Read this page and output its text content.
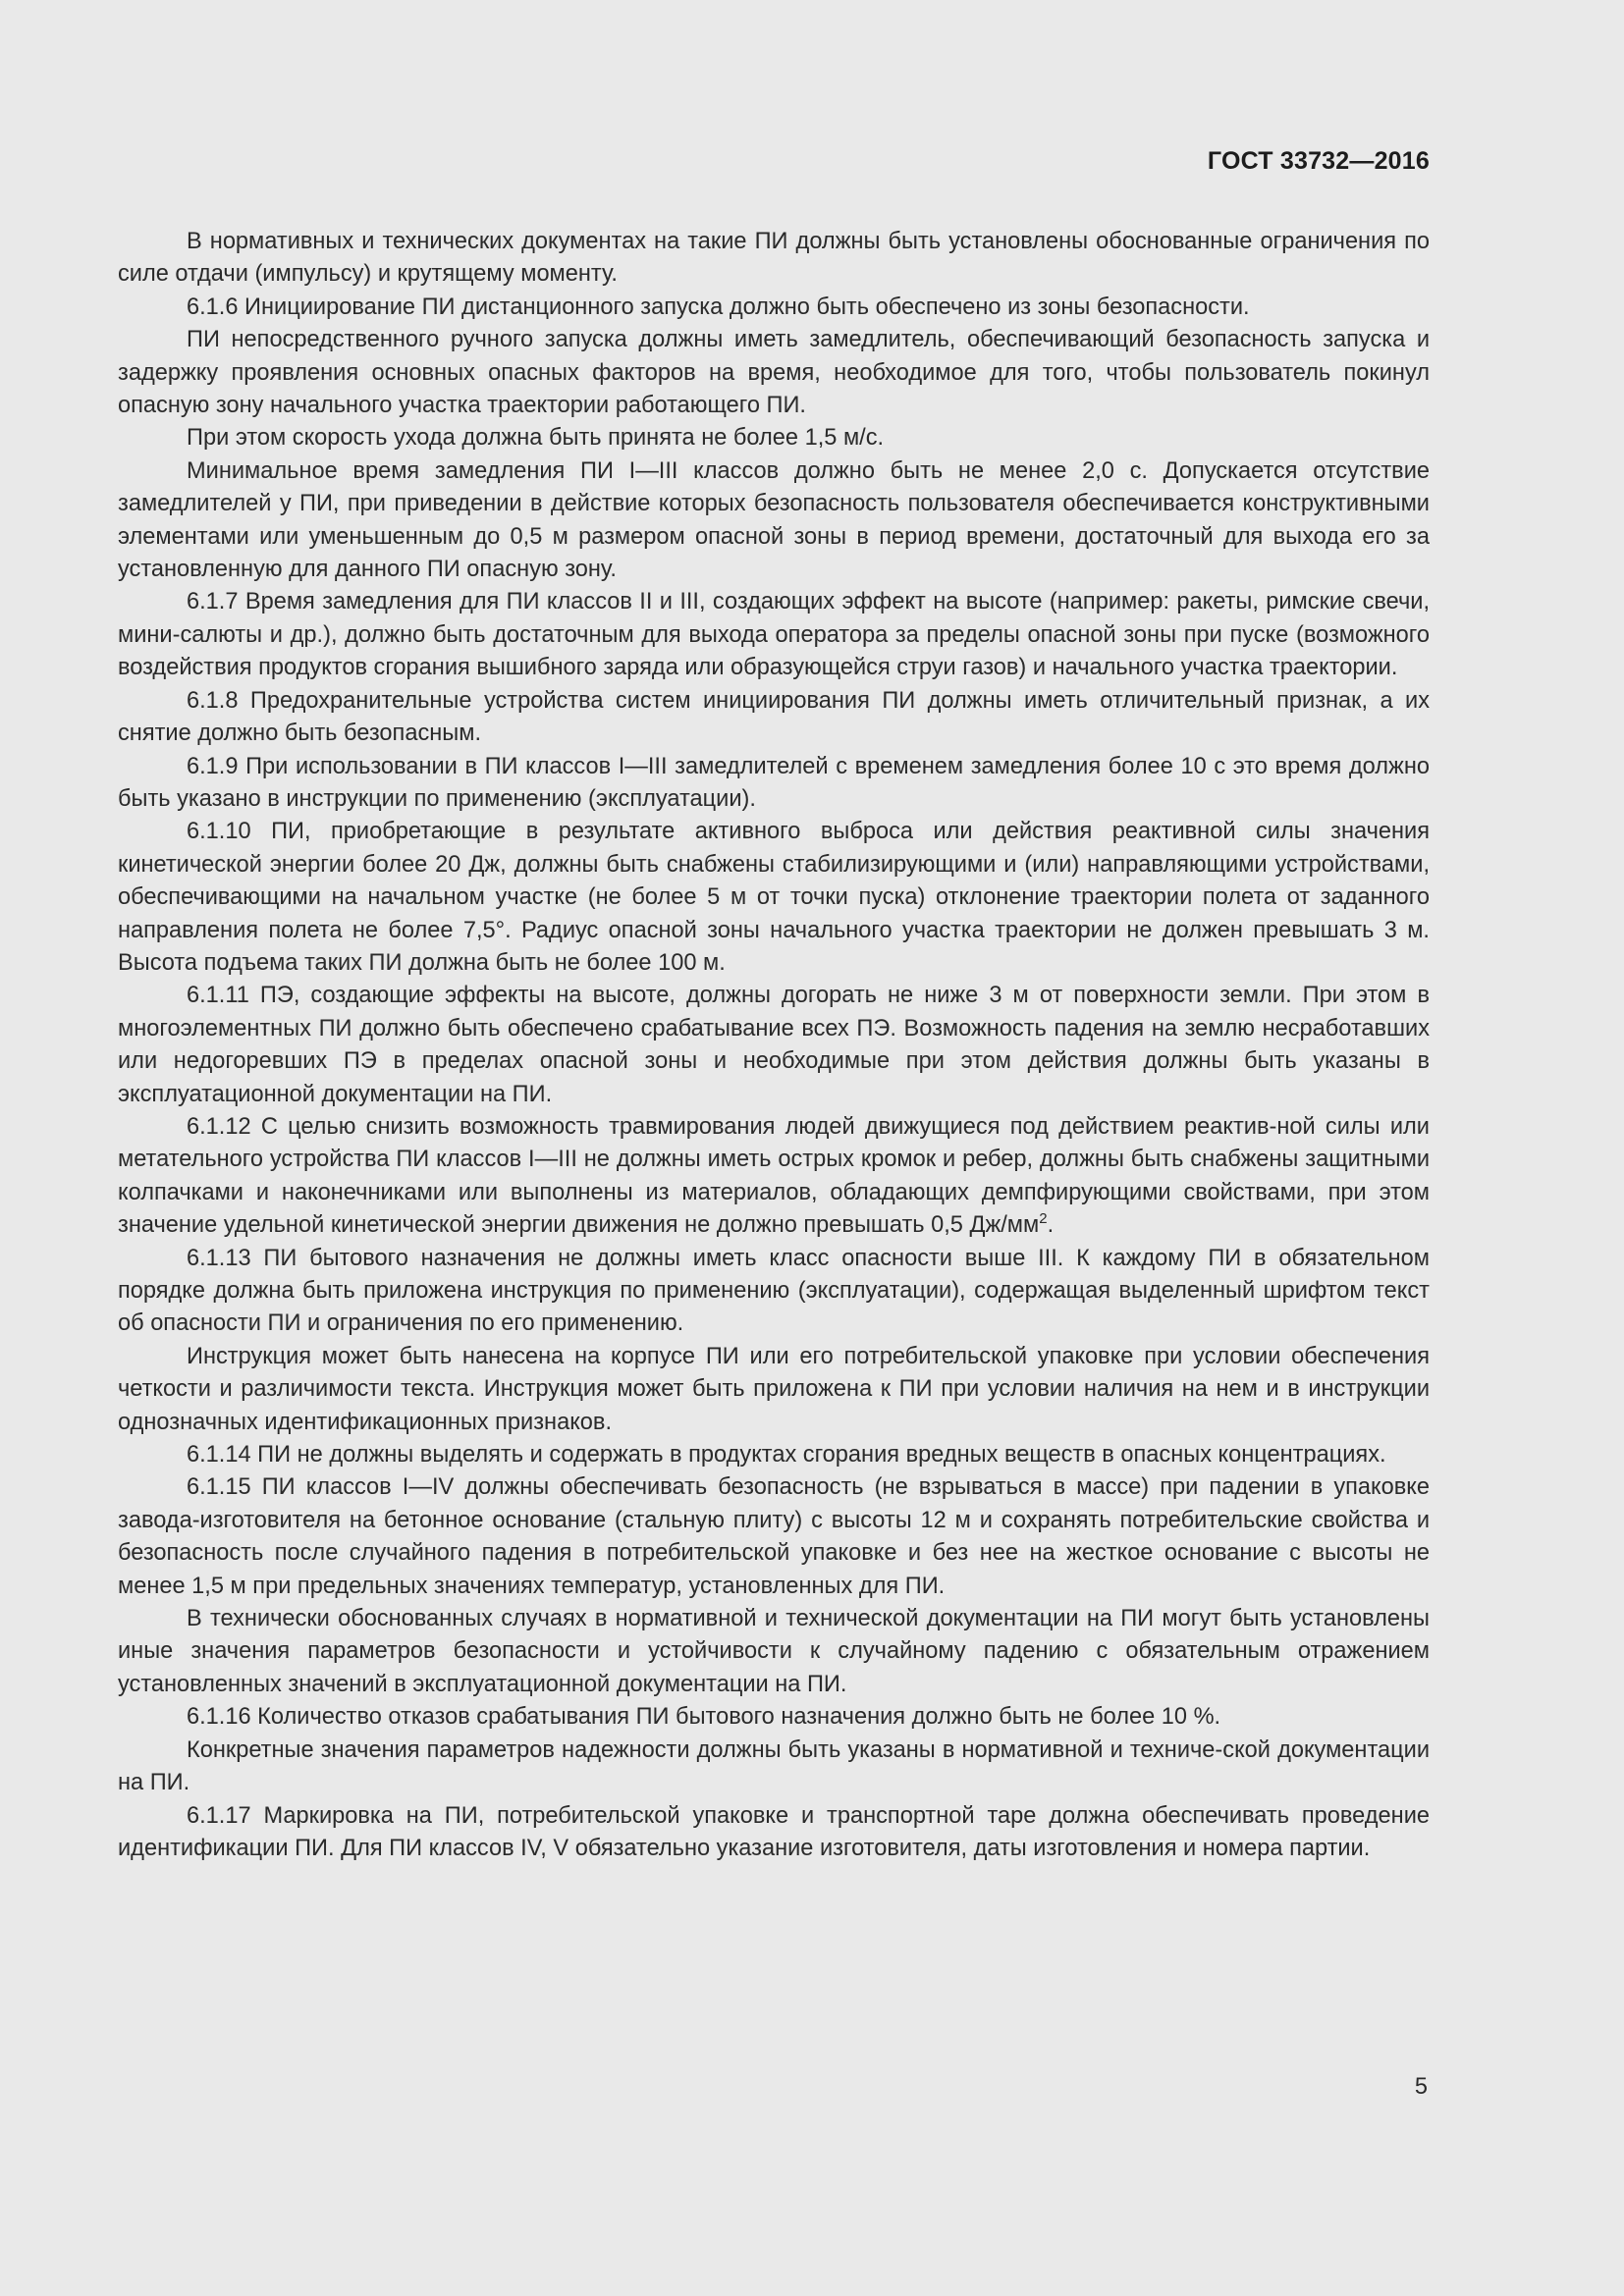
ГОСТ 33732—2016

В нормативных и технических документах на такие ПИ должны быть установлены обоснованные ограничения по силе отдачи (импульсу) и крутящему моменту.

6.1.6 Инициирование ПИ дистанционного запуска должно быть обеспечено из зоны безопасности.

ПИ непосредственного ручного запуска должны иметь замедлитель, обеспечивающий безопасность запуска и задержку проявления основных опасных факторов на время, необходимое для того, чтобы пользователь покинул опасную зону начального участка траектории работающего ПИ.

При этом скорость ухода должна быть принята не более 1,5 м/с.

Минимальное время замедления ПИ I—III классов должно быть не менее 2,0 с. Допускается отсутствие замедлителей у ПИ, при приведении в действие которых безопасность пользователя обеспечивается конструктивными элементами или уменьшенным до 0,5 м размером опасной зоны в период времени, достаточный для выхода его за установленную для данного ПИ опасную зону.

6.1.7 Время замедления для ПИ классов II и III, создающих эффект на высоте (например: ракеты, римские свечи, мини-салюты и др.), должно быть достаточным для выхода оператора за пределы опасной зоны при пуске (возможного воздействия продуктов сгорания вышибного заряда или образующейся струи газов) и начального участка траектории.

6.1.8 Предохранительные устройства систем инициирования ПИ должны иметь отличительный признак, а их снятие должно быть безопасным.

6.1.9 При использовании в ПИ классов I—III замедлителей с временем замедления более 10 с это время должно быть указано в инструкции по применению (эксплуатации).

6.1.10 ПИ, приобретающие в результате активного выброса или действия реактивной силы значения кинетической энергии более 20 Дж, должны быть снабжены стабилизирующими и (или) направляющими устройствами, обеспечивающими на начальном участке (не более 5 м от точки пуска) отклонение траектории полета от заданного направления полета не более 7,5°. Радиус опасной зоны начального участка траектории не должен превышать 3 м. Высота подъема таких ПИ должна быть не более 100 м.

6.1.11 ПЭ, создающие эффекты на высоте, должны догорать не ниже 3 м от поверхности земли. При этом в многоэлементных ПИ должно быть обеспечено срабатывание всех ПЭ. Возможность падения на землю несработавших или недогоревших ПЭ в пределах опасной зоны и необходимые при этом действия должны быть указаны в эксплуатационной документации на ПИ.

6.1.12 С целью снизить возможность травмирования людей движущиеся под действием реактив-ной силы или метательного устройства ПИ классов I—III не должны иметь острых кромок и ребер, должны быть снабжены защитными колпачками и наконечниками или выполнены из материалов, обладающих демпфирующими свойствами, при этом значение удельной кинетической энергии движения не должно превышать 0,5 $Дж/мм^2$.

6.1.13 ПИ бытового назначения не должны иметь класс опасности выше III. К каждому ПИ в обязательном порядке должна быть приложена инструкция по применению (эксплуатации), содержащая выделенный шрифтом текст об опасности ПИ и ограничения по его применению.

Инструкция может быть нанесена на корпусе ПИ или его потребительской упаковке при условии обеспечения четкости и различимости текста. Инструкция может быть приложена к ПИ при условии наличия на нем и в инструкции однозначных идентификационных признаков.

6.1.14 ПИ не должны выделять и содержать в продуктах сгорания вредных веществ в опасных концентрациях.

6.1.15 ПИ классов I—IV должны обеспечивать безопасность (не взрываться в массе) при падении в упаковке завода-изготовителя на бетонное основание (стальную плиту) с высоты 12 м и сохранять потребительские свойства и безопасность после случайного падения в потребительской упаковке и без нее на жесткое основание с высоты не менее 1,5 м при предельных значениях температур, установленных для ПИ.

В технически обоснованных случаях в нормативной и технической документации на ПИ могут быть установлены иные значения параметров безопасности и устойчивости к случайному падению с обязательным отражением установленных значений в эксплуатационной документации на ПИ.

6.1.16 Количество отказов срабатывания ПИ бытового назначения должно быть не более 10 %.

Конкретные значения параметров надежности должны быть указаны в нормативной и техниче-ской документации на ПИ.

6.1.17 Маркировка на ПИ, потребительской упаковке и транспортной таре должна обеспечивать проведение идентификации ПИ. Для ПИ классов IV, V обязательно указание изготовителя, даты изготовления и номера партии.

5
